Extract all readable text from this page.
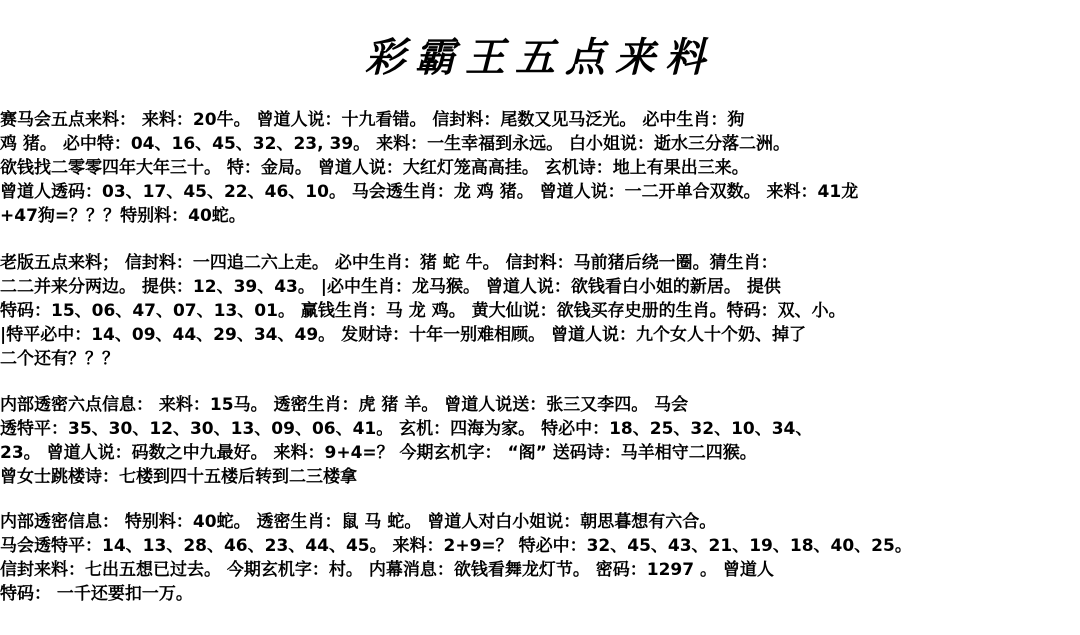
彩霸王五点来料
赛马会五点来料： 来料：20牛。 曾道人说：十九看错。 信封料：尾数又见马泛光。 必中生肖：狗
鸡 猪。 必中特：04、16、45、32、23, 39。 来料：一生幸福到永远。 白小姐说：逝水三分落二洲。
欲钱找二零零四年大年三十。 特：金局。 曾道人说：大红灯笼高高挂。 玄机诗：地上有果出三来。
曾道人透码：03、17、45、22、46、10。 马会透生肖：龙 鸡 猪。 曾道人说：一二开单合双数。 来料：41龙
+47狗=？？？特别料：40蛇。
老版五点来料； 信封料：一四追二六上走。 必中生肖：猪 蛇 牛。 信封料：马前猪后绕一圈。猜生肖：
二二并来分两边。 提供：12、39、43。 |必中生肖：龙马猴。 曾道人说：欲钱看白小姐的新居。 提供
特码：15、06、47、07、13、01。 赢钱生肖：马 龙 鸡。 黄大仙说：欲钱买存史册的生肖。特码：双、小。
|特平必中：14、09、44、29、34、49。 发财诗：十年一别难相顾。 曾道人说：九个女人十个奶、掉了
二个还有？？？
内部透密六点信息： 来料：15马。 透密生肖：虎 猪 羊。 曾道人说送：张三又李四。 马会
透特平：35、30、12、30、13、09、06、41。 玄机：四海为家。 特必中：18、25、32、10、34、
23。 曾道人说：码数之中九最好。 来料：9+4=？ 今期玄机字： “阁” 送码诗：马羊相守二四猴。
曾女士跳楼诗：七楼到四十五楼后转到二三楼拿
内部透密信息： 特别料：40蛇。 透密生肖：鼠 马 蛇。 曾道人对白小姐说：朝思暮想有六合。
马会透特平：14、13、28、46、23、44、45。 来料：2+9=？ 特必中：32、45、43、21、19、18、40、25。
信封来料：七出五想已过去。 今期玄机字：村。 内幕消息：欲钱看舞龙灯节。 密码：1297 。 曾道人
特码： 一千还要扣一万。
